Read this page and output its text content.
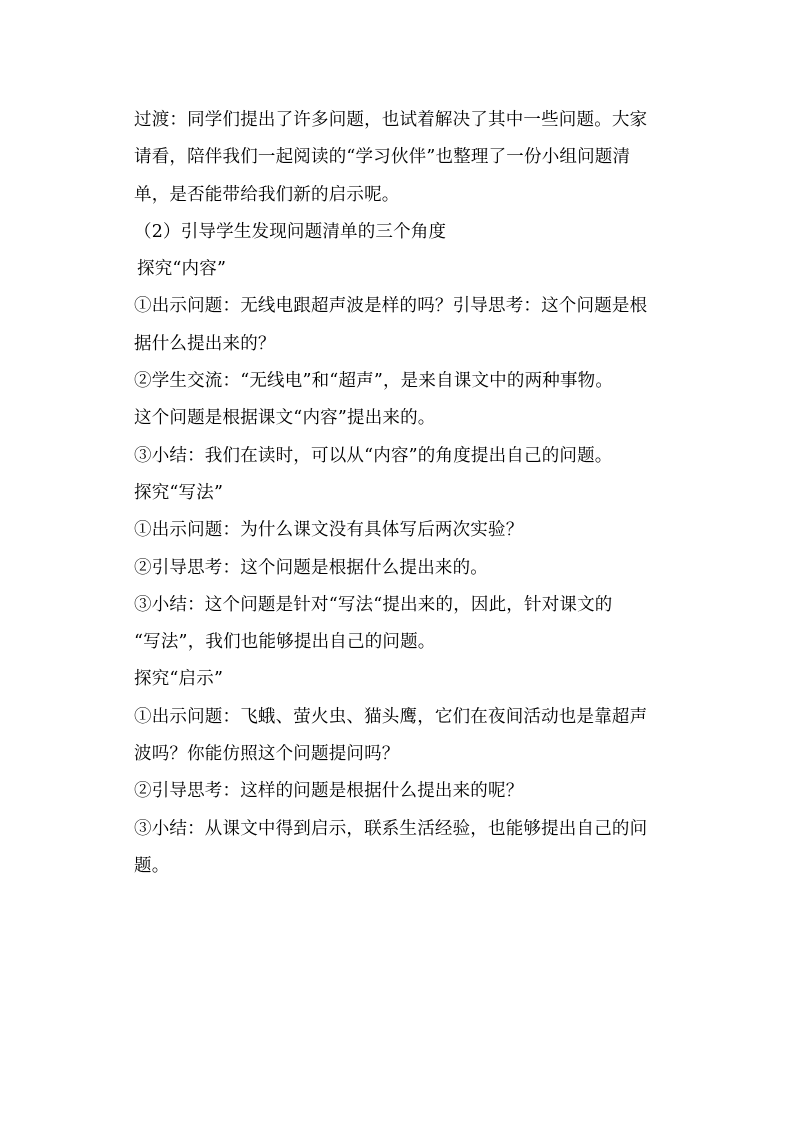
过渡：同学们提出了许多问题，也试着解决了其中一些问题。大家
请看，陪伴我们一起阅读的“学习伙伴”也整理了一份小组问题清
单，是否能带给我们新的启示呢。
（2）引导学生发现问题清单的三个角度
探究“内容”
①出示问题：无线电跟超声波是样的吗？引导思考：这个问题是根
据什么提出来的？
②学生交流：“无线电”和“超声”，是来自课文中的两种事物。
这个问题是根据课文“内容”提出来的。
③小结：我们在读时，可以从“内容”的角度提出自己的问题。
探究“写法”
①出示问题：为什么课文没有具体写后两次实验？
②引导思考：这个问题是根据什么提出来的。
③小结：这个问题是针对“写法“提出来的，因此，针对课文的
“写法”，我们也能够提出自己的问题。
探究“启示”
①出示问题：飞蛾、萤火虫、猫头鹰，它们在夜间活动也是靠超声
波吗？你能仿照这个问题提问吗？
②引导思考：这样的问题是根据什么提出来的呢？
③小结：从课文中得到启示，联系生活经验，也能够提出自己的问
题。
